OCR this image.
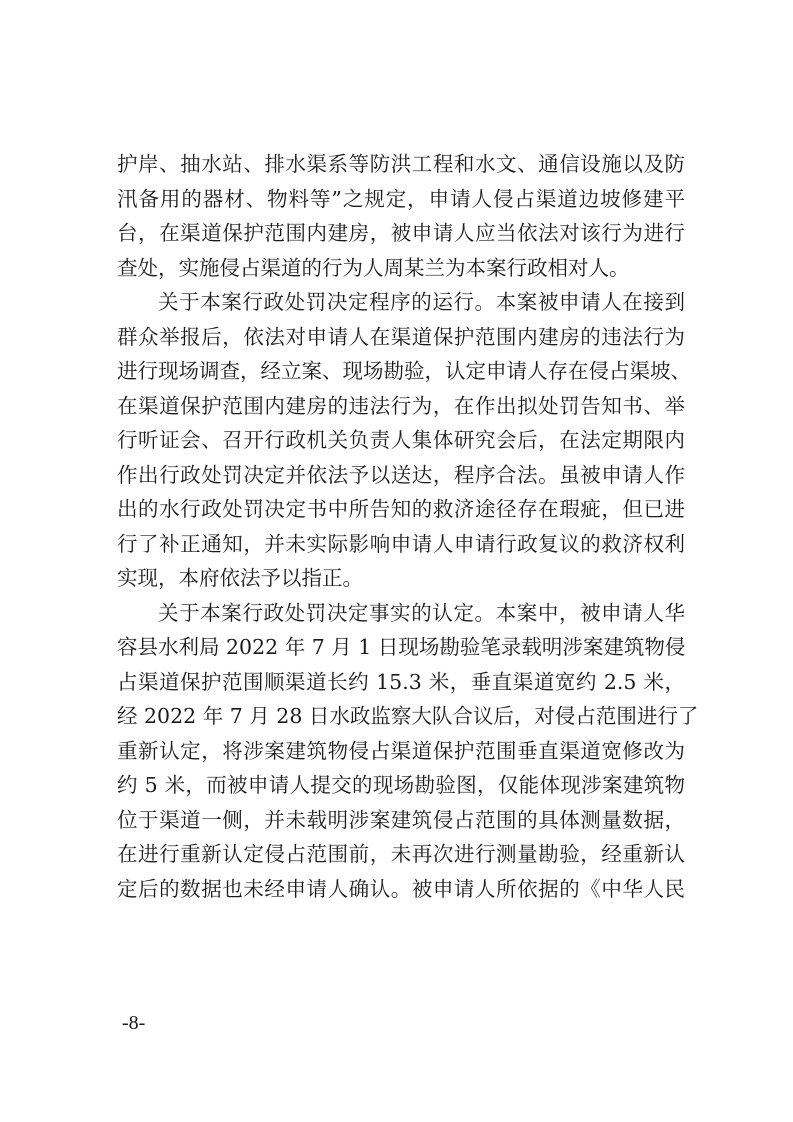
护岸、抽水站、排水渠系等防洪工程和水文、通信设施以及防
汛备用的器材、物料等”之规定，申请人侵占渠道边坡修建平
台，在渠道保护范围内建房，被申请人应当依法对该行为进行
查处，实施侵占渠道的行为人周某兰为本案行政相对人。
关于本案行政处罚决定程序的运行。本案被申请人在接到
群众举报后，依法对申请人在渠道保护范围内建房的违法行为
进行现场调查，经立案、现场勘验，认定申请人存在侵占渠坡、
在渠道保护范围内建房的违法行为，在作出拟处罚告知书、举
行听证会、召开行政机关负责人集体研究会后，在法定期限内
作出行政处罚决定并依法予以送达，程序合法。虽被申请人作
出的水行政处罚决定书中所告知的救济途径存在瑕疵，但已进
行了补正通知，并未实际影响申请人申请行政复议的救济权利
实现，本府依法予以指正。
关于本案行政处罚决定事实的认定。本案中，被申请人华
容县水利局 2022 年 7 月 1 日现场勘验笔录载明涉案建筑物侵
占渠道保护范围顺渠道长约 15.3 米，垂直渠道宽约 2.5 米，
经 2022 年 7 月 28 日水政监察大队合议后，对侵占范围进行了
重新认定，将涉案建筑物侵占渠道保护范围垂直渠道宽修改为
约 5 米，而被申请人提交的现场勘验图，仅能体现涉案建筑物
位于渠道一侧，并未载明涉案建筑侵占范围的具体测量数据，
在进行重新认定侵占范围前，未再次进行测量勘验，经重新认
定后的数据也未经申请人确认。被申请人所依据的《中华人民
-8-
